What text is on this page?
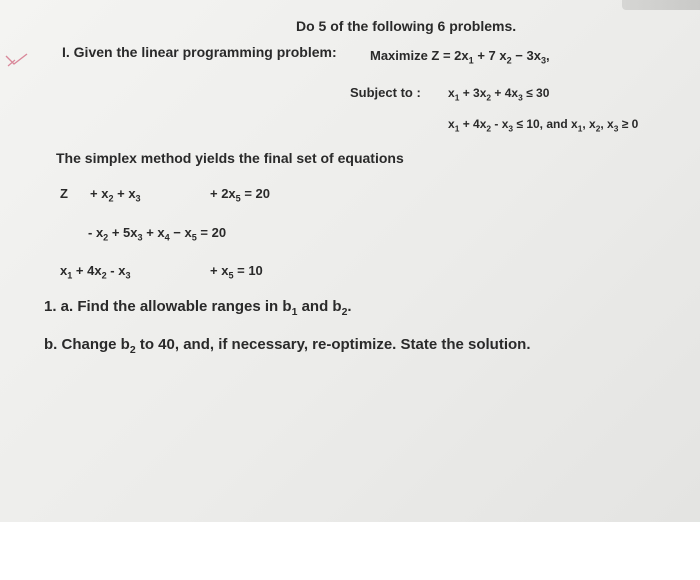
Do 5 of the following 6 problems.
I. Given the linear programming problem:	Maximize $Z = 2x_1 + 7$ $x_2 - 3x_3$,
Subject to : $x_1 + 3x_2 + 4x_3 \le 30$
$x_1 + 4x_2 - x_3 \le 10$, and $x_1$, $x_2$, $x_3 \ge 0$
The simplex method yields the final set of equations
$Z + x_2 + x_3$	+ $2x_5 = 20$
- $x_2 + 5x_3 + x_4 - x_5 = 20$
$x_1 + 4x_2 - x_3$	+ $x_5 = 10$
1. a. Find the allowable ranges in $b_1$ and $b_2$.
b. Change $b_2$ to 40, and, if necessary, re-optimize. State the solution.
